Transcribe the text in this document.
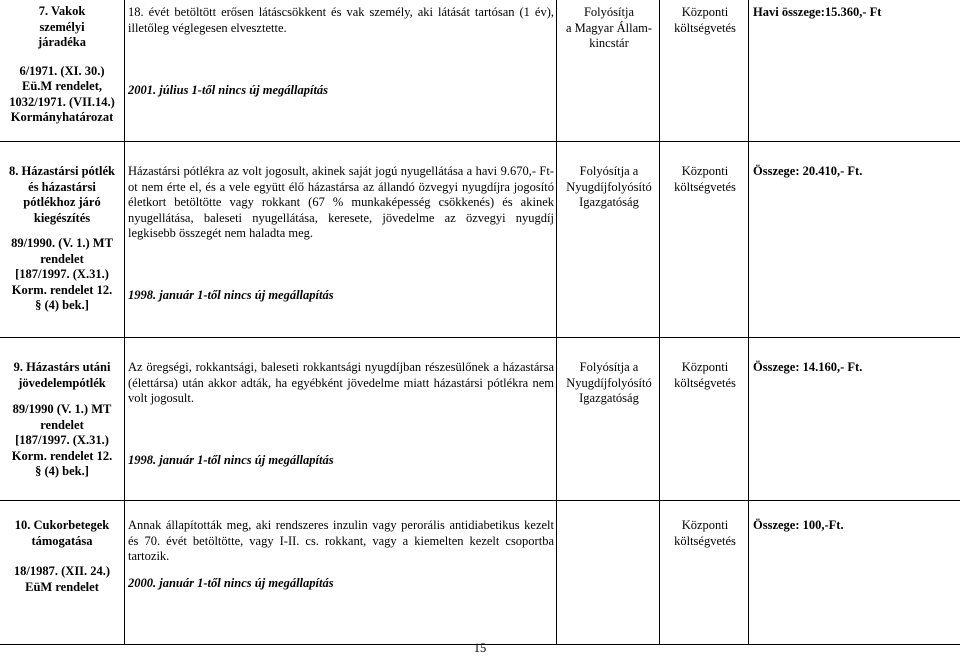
7. Vakok személyi járadéka
6/1971. (XI. 30.)
Eü.M rendelet,
1032/1971. (VII.14.)
Kormányhatározat
18. évét betöltött erősen látáscsökkent és vak személy, aki látását tartósan (1 év), illetőleg véglegesen elvesztette.
2001. július 1-től nincs új megállapítás
Folyósítja
a Magyar Állam-
kincstár
Központi
költségvetés
Havi összege:15.360,- Ft
8. Házastársi pótlék és házastársi pótlékhoz járó kiegészítés
89/1990. (V. 1.) MT
rendelet
[187/1997. (X.31.)
Korm. rendelet 12.
§ (4) bek.]
Házastársi pótlékra az volt jogosult, akinek saját jogú nyugellátása a havi 9.670,- Ft-ot nem érte el, és a vele együtt élő házastársa az állandó özvegyi nyugdíjra jogosító életkort betöltötte vagy rokkant (67 % munkaképesség csökkenés) és akinek nyugellátása, baleseti nyugellátása, keresete, jövedelme az özvegyi nyugdíj legkisebb összegét nem haladta meg.
1998. január 1-től nincs új megállapítás
Folyósítja a
Nyugdíjfolyósító
Igazgatóság
Központi
költségvetés
Összege: 20.410,- Ft.
9. Házastárs utáni jövedelempótlék
89/1990 (V. 1.) MT
rendelet
[187/1997. (X.31.)
Korm. rendelet 12.
§ (4) bek.]
Az öregségi, rokkantsági, baleseti rokkantsági nyugdíjban részesülőnek a házastársa (élettársa) után akkor adták, ha egyébként jövedelme miatt házastársi pótlékra nem volt jogosult.
1998. január 1-től nincs új megállapítás
Folyósítja a
Nyugdíjfolyósító
Igazgatóság
Központi
költségvetés
Összege: 14.160,- Ft.
10. Cukorbetegek támogatása
18/1987. (XII. 24.)
EüM rendelet
Annak állapították meg, aki rendszeres inzulin vagy perorális antidiabetikus kezelt és 70. évét betöltötte, vagy I-II. cs. rokkant, vagy a kiemelten kezelt csoportba tartozik.
2000. január 1-től nincs új megállapítás
Központi
költségvetés
Összege: 100,-Ft.
15
